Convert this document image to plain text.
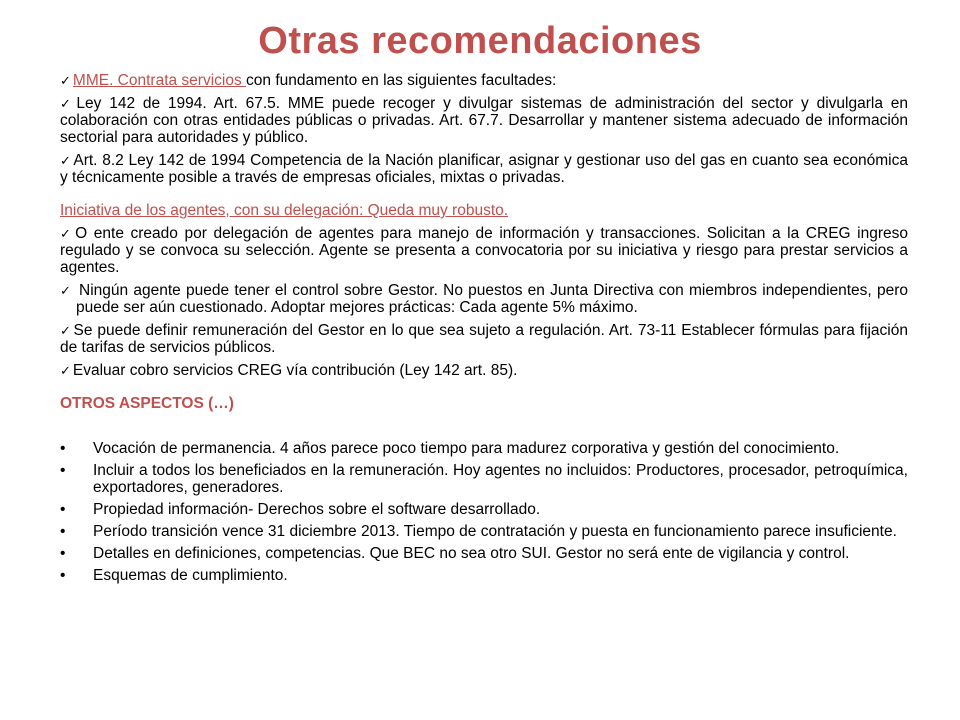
Otras recomendaciones
✓ MME. Contrata servicios con fundamento en las siguientes facultades:
✓ Ley 142 de 1994. Art. 67.5. MME puede recoger y divulgar sistemas de administración del sector y divulgarla en colaboración con otras entidades públicas o privadas. Art. 67.7. Desarrollar y mantener sistema adecuado de información sectorial para autoridades y público.
✓ Art. 8.2 Ley 142 de 1994 Competencia de la Nación planificar, asignar y gestionar uso del gas en cuanto sea económica y técnicamente posible a través de empresas oficiales, mixtas o privadas.
Iniciativa de los agentes, con su delegación: Queda muy robusto.
✓ O ente creado por delegación de agentes para manejo de información y transacciones. Solicitan a la CREG ingreso regulado y se convoca su selección. Agente se presenta a convocatoria por su iniciativa y riesgo para prestar servicios a agentes.
✓ Ningún agente puede tener el control sobre Gestor. No puestos en Junta Directiva con miembros independientes, pero puede ser aún cuestionado. Adoptar mejores prácticas: Cada agente 5% máximo.
✓ Se puede definir remuneración del Gestor en lo que sea sujeto a regulación. Art. 73-11 Establecer fórmulas para fijación de tarifas de servicios públicos.
✓ Evaluar cobro servicios CREG vía contribución (Ley 142 art. 85).
OTROS ASPECTOS (…)
•	Vocación de permanencia. 4 años parece poco tiempo para madurez corporativa y gestión del conocimiento.
•	Incluir a todos los beneficiados en la remuneración. Hoy agentes no incluidos: Productores, procesador, petroquímica, exportadores, generadores.
•	Propiedad información- Derechos sobre el software desarrollado.
•	Período transición vence 31 diciembre 2013. Tiempo de contratación y puesta en funcionamiento parece insuficiente.
•	Detalles en definiciones, competencias. Que BEC no sea otro SUI. Gestor no será ente de vigilancia y control.
•	Esquemas de cumplimiento.
